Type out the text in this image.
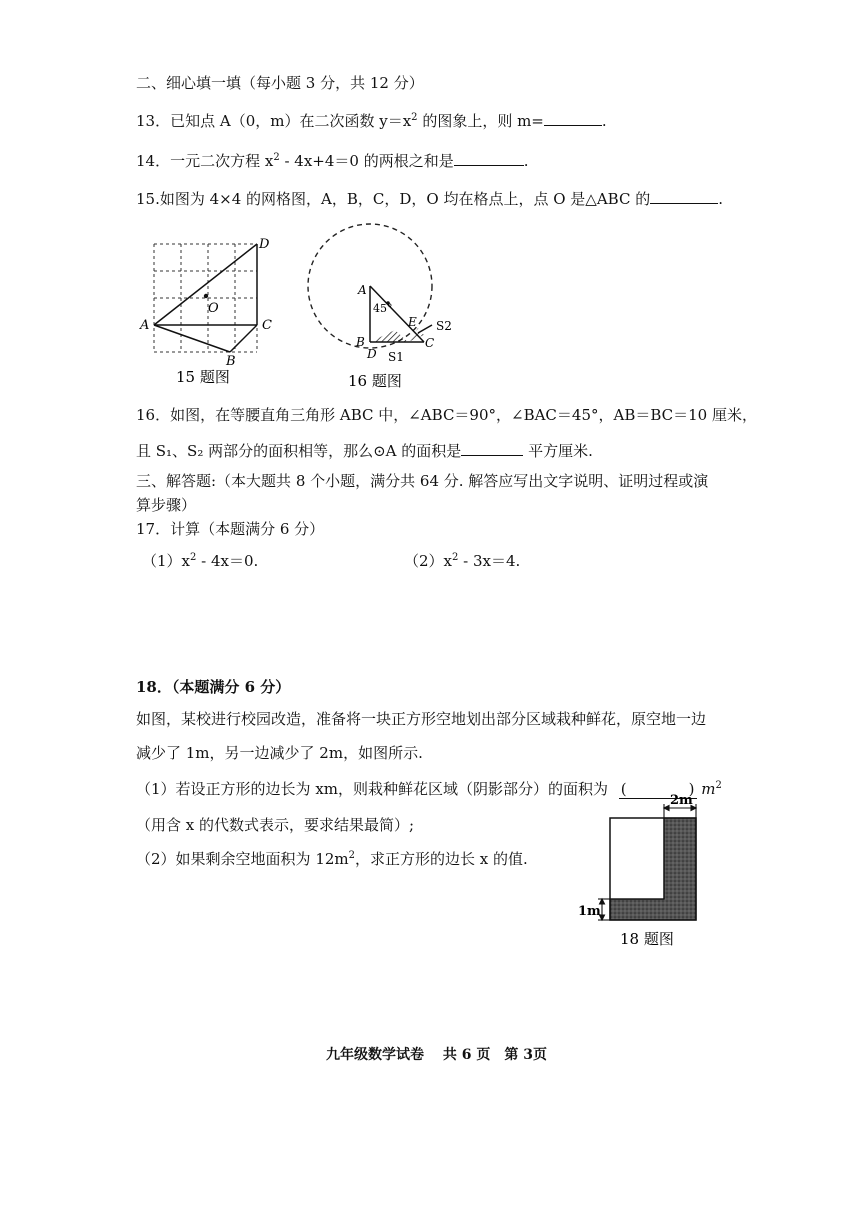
二、细心填一填（每小题 3 分，共 12 分）
13．已知点 A（0，m）在二次函数 $y=x^2$ 的图象上，则 m=	.
14．一元二次方程 $x^2 - 4x+4=0$ 的两根之和是	.
15.如图为 4×4 的网格图，A，B，C，D，O 均在格点上，点 O 是△ABC 的	.
A
B
C
D
O
15 题图
A
45°
B	C
D
E
S1
S2
16 题图
16．如图，在等腰直角三角形 ABC 中，∠ABC＝90°，∠BAC＝45°，AB＝BC＝10 厘米，
且 S₁、S₂ 两部分的面积相等，那么⊙A 的面积是	平方厘米.
三、解答题:（本大题共 8 个小题，满分共 64 分. 解答应写出文字说明、证明过程或演
算步骤）
17．计算（本题满分 6 分）
$(1)x^2 - 4x=0$.	$(2)x^2 - 3x=4$.
18．（本题满分 6 分）
如图，某校进行校园改造，准备将一块正方形空地划出部分区域栽种鲜花，原空地一边
减少了 1m，另一边减少了 2m，如图所示.
（1）若设正方形的边长为 xm，则栽种鲜花区域（阴影部分）的面积为 (	) $m^2$
（用含 x 的代数式表示，要求结果最简）;
（2）如果剩余空地面积为 $12m^2$，求正方形的边长 x 的值.
2m
1m
18 题图
九年级数学试卷　 共 6 页　第 3页
